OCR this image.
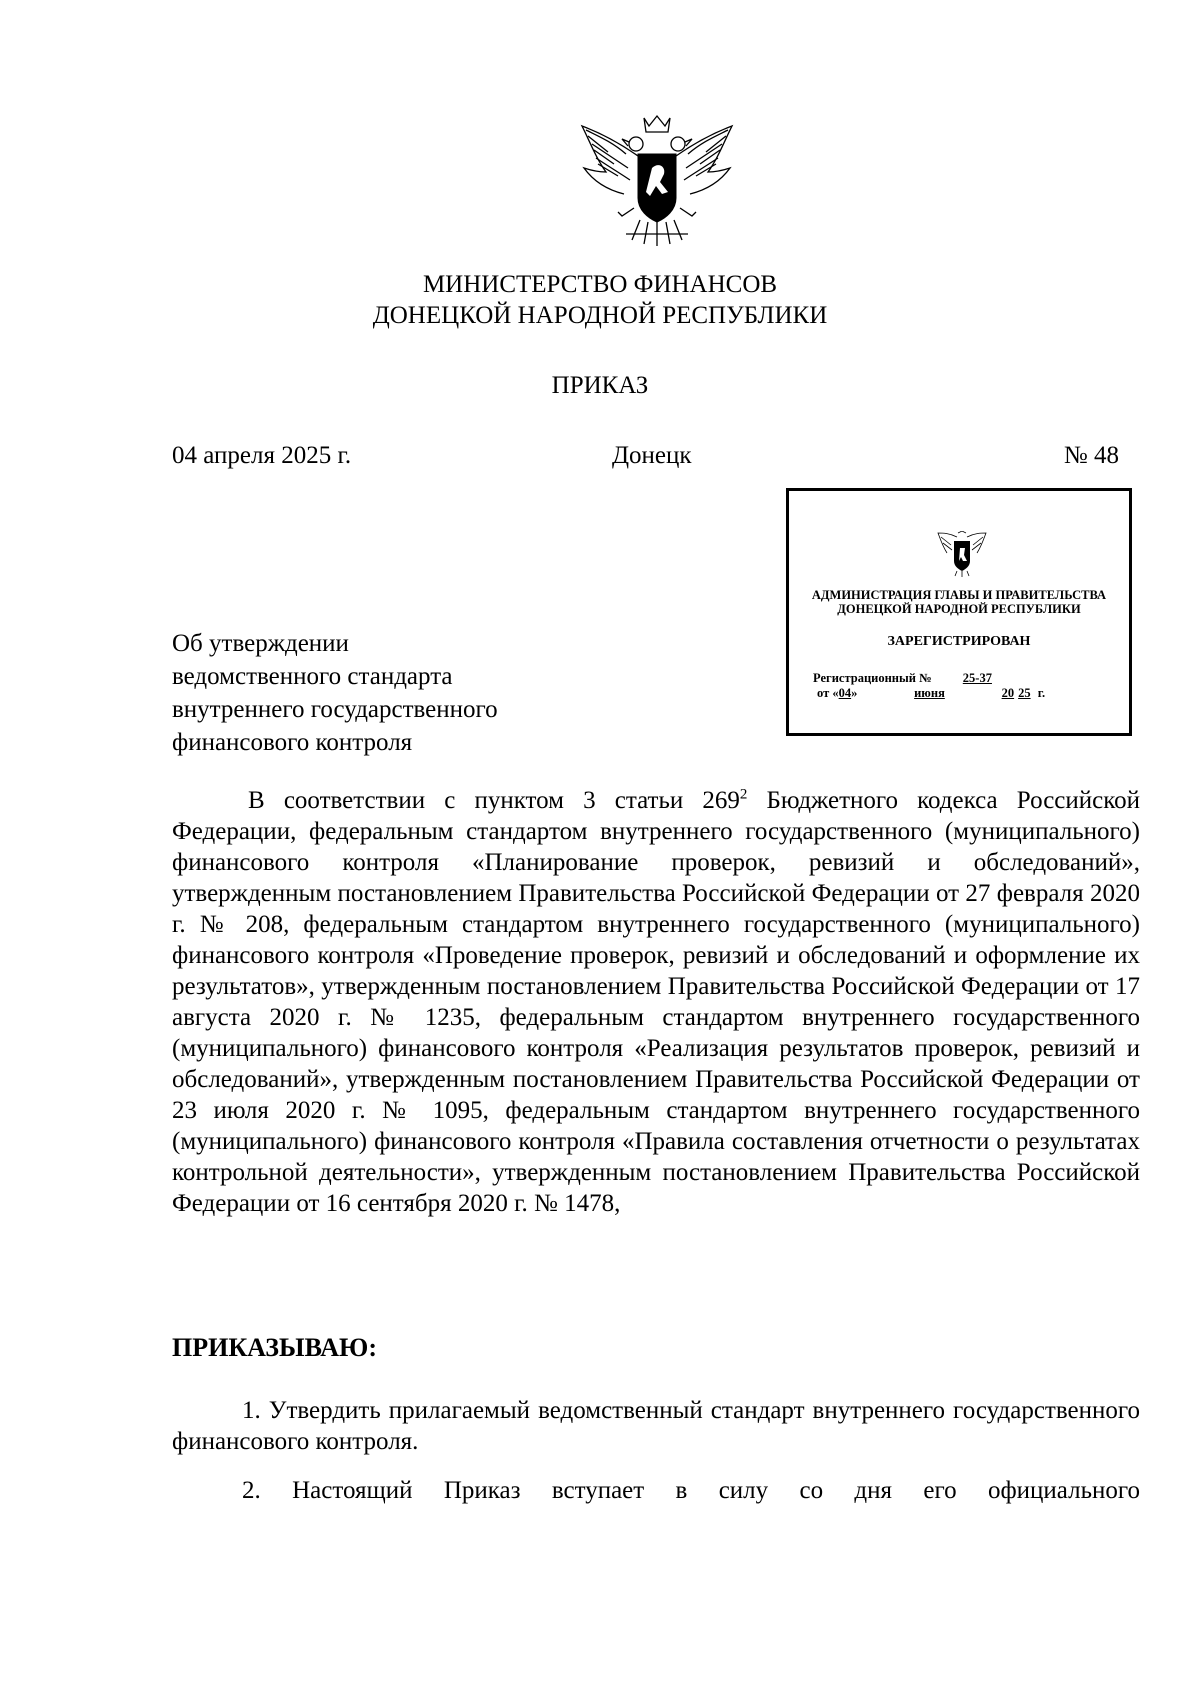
МИНИСТЕРСТВО ФИНАНСОВ
ДОНЕЦКОЙ НАРОДНОЙ РЕСПУБЛИКИ
ПРИКАЗ
04 апреля 2025 г.	Донецк	№ 48
АДМИНИСТРАЦИЯ ГЛАВЫ И ПРАВИТЕЛЬСТВА
ДОНЕЦКОЙ НАРОДНОЙ РЕСПУБЛИКИ
ЗАРЕГИСТРИРОВАН
Регистрационный № 25-37
от «04»	июня	20 25 г.
Об утверждении
ведомственного стандарта
внутреннего государственного
финансового контроля

В соответствии с пунктом 3 статьи $269^2$ Бюджетного кодекса Российской Федерации, федеральным стандартом внутреннего государственного (муниципального) финансового контроля «Планирование проверок, ревизий и обследований», утвержденным постановлением Правительства Российской Федерации от 27 февраля 2020 г. № 208, федеральным стандартом внутреннего государственного (муниципального) финансового контроля «Проведение проверок, ревизий и обследований и оформление их результатов», утвержденным постановлением Правительства Российской Федерации от 17 августа 2020 г. № 1235, федеральным стандартом внутреннего государственного (муниципального) финансового контроля «Реализация результатов проверок, ревизий и обследований», утвержденным постановлением Правительства Российской Федерации от 23 июля 2020 г. № 1095, федеральным стандартом внутреннего государственного (муниципального) финансового контроля «Правила составления отчетности о результатах контрольной деятельности», утвержденным постановлением Правительства Российской Федерации от 16 сентября 2020 г. № 1478,

ПРИКАЗЫВАЮ:

1. Утвердить прилагаемый ведомственный стандарт внутреннего государственного финансового контроля.

2. Настоящий Приказ вступает в силу со дня его официального
